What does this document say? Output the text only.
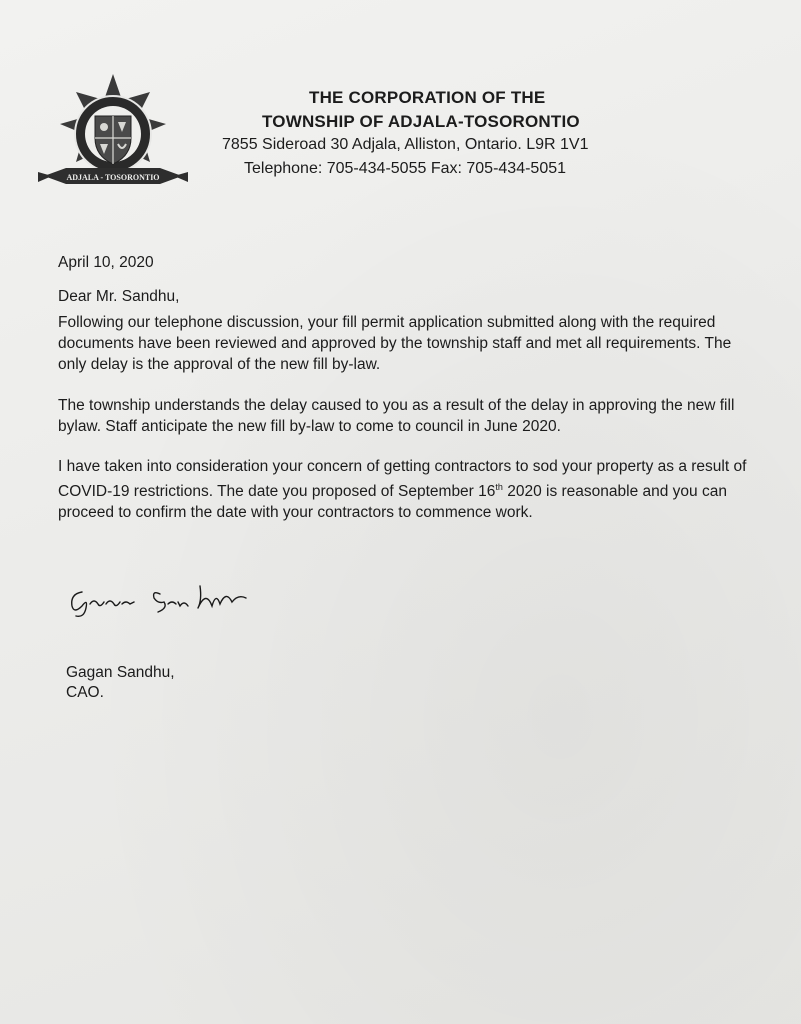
ADJALA - TOSORONTIO
THE CORPORATION OF THE
TOWNSHIP OF ADJALA-TOSORONTIO
7855 Sideroad 30 Adjala, Alliston, Ontario. L9R 1V1
Telephone: 705-434-5055 Fax: 705-434-5051
April 10, 2020
Dear Mr. Sandhu,
Following our telephone discussion, your fill permit application submitted along with the required documents have been reviewed and approved by the township staff and met all requirements. The only delay is the approval of the new fill by-law.
The township understands the delay caused to you as a result of the delay in approving the new fill bylaw. Staff anticipate the new fill by-law to come to council in June 2020.
I have taken into consideration your concern of getting contractors to sod your property as a result of COVID-19 restrictions. The date you proposed of September 16th 2020 is reasonable and you can proceed to confirm the date with your contractors to commence work.
Gagan Sandhu,
CAO.
